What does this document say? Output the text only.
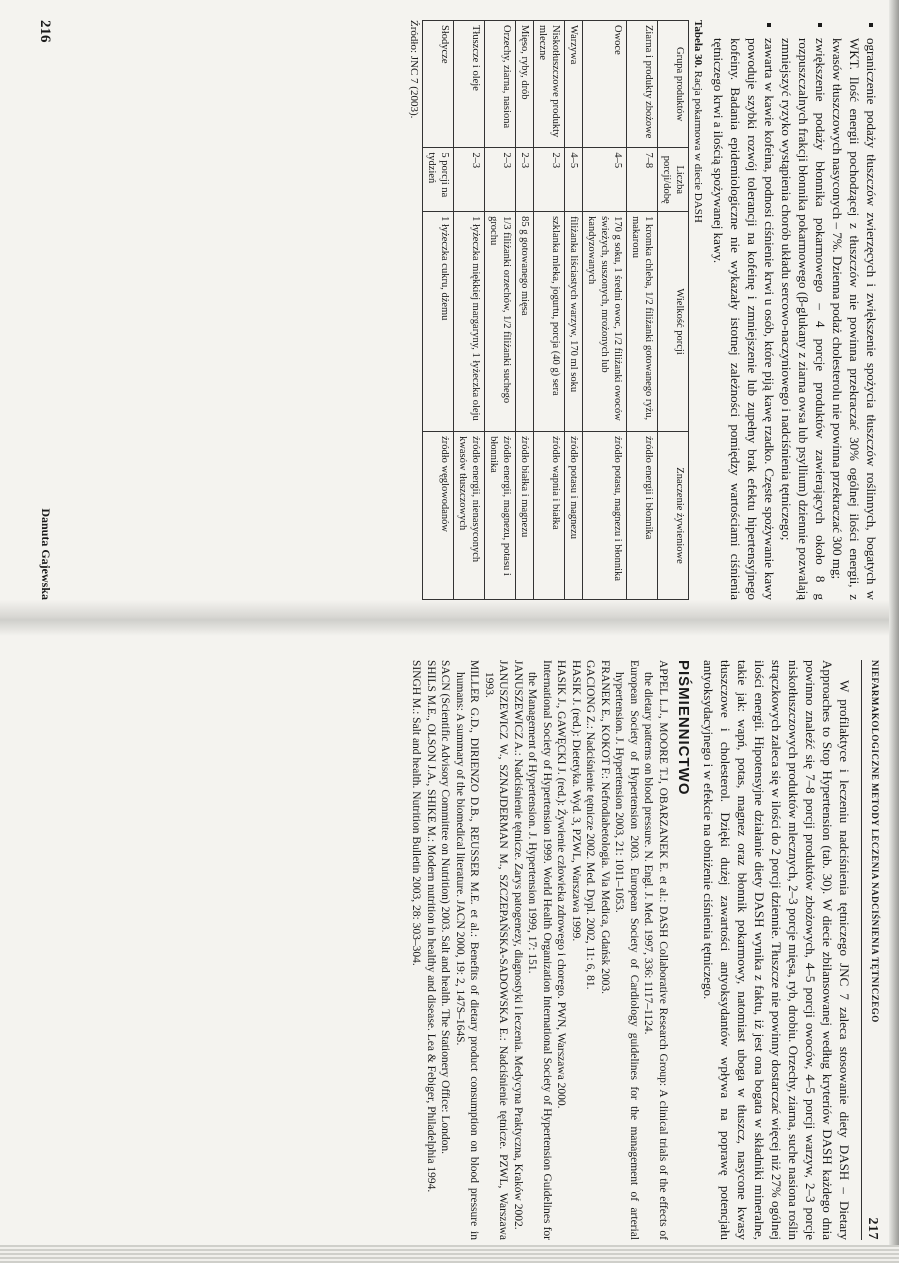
▪ ograniczenie podaży tłuszczów zwierzęcych i zwiększenie spożycia tłuszczów roślinnych, bogatych w WKT. Ilość energii pochodzącej z tłuszczów nie powinna przekraczać 30% ogólnej ilości energii, z kwasów tłuszczowych nasyconych – 7%. Dzienna podaż cholesterolu nie powinna przekraczać 300 mg;
▪ zwiększenie podaży błonnika pokarmowego – 4 porcje produktów zawierających około 8 g rozpuszczalnych frakcji błonnika pokarmowego (β-glukany z ziarna owsa lub psyllium) dziennie pozwalają zmniejszyć ryzyko wystąpienia chorób układu sercowo-naczyniowego i nadciśnienia tętniczego;
▪ zawarta w kawie kofeina, podnosi ciśnienie krwi u osób, które piją kawę rzadko. Częste spożywanie kawy powoduje szybki rozwój tolerancji na kofeinę i zmniejszenie lub zupełny brak efektu hipertensyjnego kofeiny. Badania epidemiologiczne nie wykazały istotnej zależności pomiędzy wartościami ciśnienia tętniczego krwi a ilością spożywanej kawy.
Tabela 30. Racja pokarmowa w diecie DASH
Grupa produktów	Liczba porcji/dobę	Wielkość porcji	Znaczenie żywieniowe
Ziarna i produkty zbożowe	7–8	1 kromka chleba, 1/2 filiżanki gotowanego ryżu, makaronu	źródło energii i błonnika
Owoce	4–5	170 g soku, 1 średni owoc, 1/2 filiżanki owoców świeżych, suszonych, mrożonych lub kandyzowanych	źródło potasu, magnezu i błonnika
Warzywa	4–5	filiżanka liściastych warzyw, 170 ml soku	źródło potasu i magnezu
Niskotłuszczowe produkty mleczne	2–3	szklanka mleka, jogurtu, porcja (40 g) sera	źródło wapnia i białka
Mięso, ryby, drób	2–3	85 g gotowanego mięsa	źródło białka i magnezu
Orzechy, ziarna, nasiona	2–3	1/3 filiżanki orzechów, 1/2 filiżanki suchego grochu	źródło energii, magnezu, potasu i błonnika
Tłuszcze i oleje	2–3	1 łyżeczka miękkiej margaryny, 1 łyżeczka oleju	źródło energii, nienasyconych kwasów tłuszczowych
Słodycze	5 porcji na tydzień	1 łyżeczka cukru, dżemu	źródło węglowodanów
Źródło: JNC 7 (2003).
216
Danuta Gajewska
NIEFARMAKOLOGICZNE METODY LECZENIA NADCIŚNIENIA TĘTNICZEGO
217

W profilaktyce i leczeniu nadciśnienia tętniczego JNC 7 zaleca stosowanie diety DASH – Dietary Approaches to Stop Hypertension (tab. 30). W diecie zbilansowanej według kryteriów DASH każdego dnia powinno znaleźć się 7–8 porcji produktów zbożowych, 4–5 porcji owoców, 4–5 porcji warzyw, 2–3 porcje niskotłuszczowych produktów mlecznych, 2–3 porcje mięsa, ryb, drobiu. Orzechy, ziarna, suche nasiona roślin strączkowych zaleca się w ilości do 2 porcji dziennie. Tłuszcze nie powinny dostarczać więcej niż 27% ogólnej ilości energii. Hipotensyjne działanie diety DASH wynika z faktu, iż jest ona bogata w składniki mineralne, takie jak: wapń, potas, magnez oraz błonnik pokarmowy, natomiast uboga w tłuszcz, nasycone kwasy tłuszczowe i cholesterol. Dzięki dużej zawartości antyoksydantów wpływa na poprawę potencjału antyoksydacyjnego i w efekcie na obniżenie ciśnienia tętniczego.

PIŚMIENNICTWO

APPEL L.J., MOORE T.J, OBARZANEK E. et al.: DASH Collaborative Research Group: A clinical trials of the effects of the dietary patterns on blood pressure. N. Engl. J. Med. 1997, 336: 1117–1124.

European Society of Hypertension 2003. European Society of Cardiology guidelines for the management of arterial hypertension. J. Hypertension 2003, 21: 1011–1053.

FRANEK E., KOKOT F.: Nefrodiabetologia. Via Medica, Gdańsk 2003.

GACIONG Z.: Nadciśnienie tętnicze 2002. Med. Dypl. 2002, 11: 6, 81.

HASIK J. (red.): Dietetyka. Wyd. 3, PZWL, Warszawa 1999.

HASIK J., GAWĘCKI J. (red.): Żywienie człowieka zdrowego i chorego. PWN, Warszawa 2000.

International Society of Hypertension 1999. World Health Organization International Society of Hypertension Guidelines for the Management of Hypertension. J. Hypertension 1999, 17: 151.

JANUSZEWICZ A.: Nadciśnienie tętnicze. Zarys patogenezy, diagnostyki i leczenia. Medycyna Praktyczna, Kraków 2002.

JANUSZEWICZ W., SZNAJDERMAN M., SZCZEPAŃSKA-SADOWSKA E.: Nadciśnienie tętnicze. PZWL, Warszawa 1993.

MILLER G.D., DIRIENZO D.B., REUSSER M.E. et al.: Benefits of dietary product consumption on blood pressure in humans: A summary of the biomedical literature. JACN 2000, 19: 2, 147S–164S.

SACN (Scientific Advisory Committee on Nutrition) 2003. Salt and health. The Stationery Office: London.

SHILS M.E., OLSON J.A., SHIKE M.: Modern nutrition in healthy and disease. Lea & Febiger, Philadelphia 1994.

SINGH M.: Salt and health. Nutrition Bulletin 2003, 28: 303–304.
